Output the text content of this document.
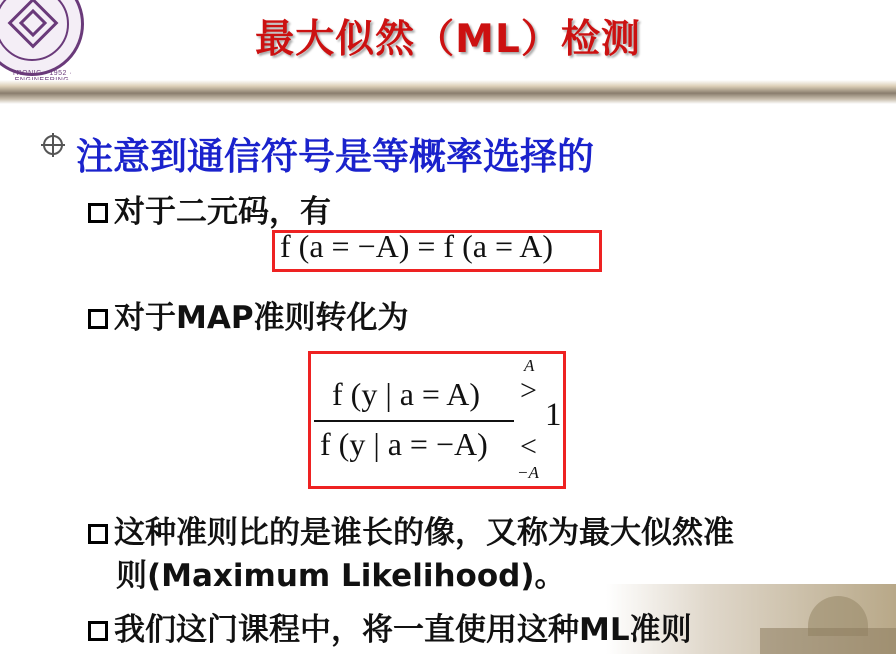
TRONIC · 1952 ·
最大似然（ML）检测
注意到通信符号是等概率选择的
对于二元码，有
f (a = −A) = f (a = A)
对于MAP准则转化为
f (y | a = A)
f (y | a = −A)
A
>
1
<
−A
这种准则比的是谁长的像，又称为最大似然准
则(Maximum Likelihood)。
我们这门课程中，将一直使用这种ML准则
